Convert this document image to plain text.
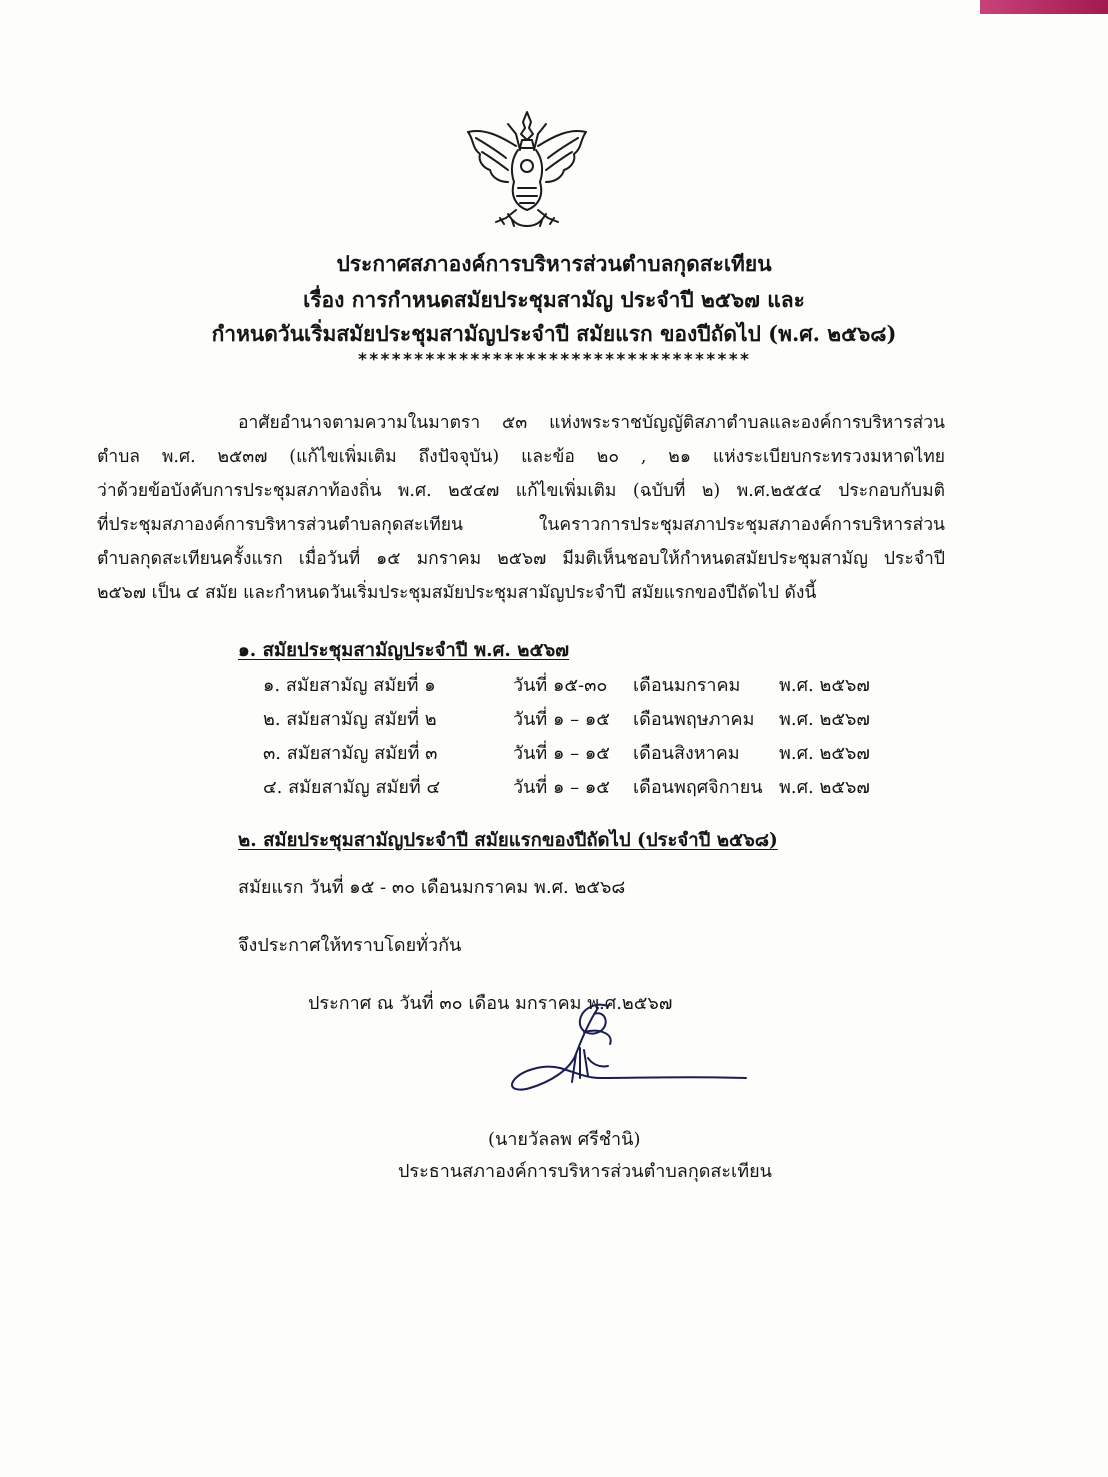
ประกาศสภาองค์การบริหารส่วนตำบลกุดสะเทียน
เรื่อง การกำหนดสมัยประชุมสามัญ ประจำปี ๒๕๖๗ และ
กำหนดวันเริ่มสมัยประชุมสามัญประจำปี สมัยแรก ของปีถัดไป (พ.ศ. ๒๕๖๘)
***********************************
อาศัยอำนาจตามความในมาตรา ๕๓ แห่งพระราชบัญญัติสภาตำบลและองค์การบริหารส่วน
ตำบล พ.ศ. ๒๕๓๗ (แก้ไขเพิ่มเติม ถึงปัจจุบัน) และข้อ ๒๐ , ๒๑ แห่งระเบียบกระทรวงมหาดไทย
ว่าด้วยข้อบังคับการประชุมสภาท้องถิ่น พ.ศ. ๒๕๔๗ แก้ไขเพิ่มเติม (ฉบับที่ ๒) พ.ศ.๒๕๕๔ ประกอบกับมติ
ที่ประชุมสภาองค์การบริหารส่วนตำบลกุดสะเทียน ในคราวการประชุมสภาประชุมสภาองค์การบริหารส่วน
ตำบลกุดสะเทียนครั้งแรก เมื่อวันที่ ๑๕ มกราคม ๒๕๖๗ มีมติเห็นชอบให้กำหนดสมัยประชุมสามัญ ประจำปี
๒๕๖๗ เป็น ๔ สมัย และกำหนดวันเริ่มประชุมสมัยประชุมสามัญประจำปี สมัยแรกของปีถัดไป ดังนี้
๑. สมัยประชุมสามัญประจำปี พ.ศ. ๒๕๖๗
๑. สมัยสามัญ สมัยที่ ๑	วันที่ ๑๕-๓๐ เดือนมกราคม พ.ศ. ๒๕๖๗
๒. สมัยสามัญ สมัยที่ ๒	วันที่ ๑ – ๑๕ เดือนพฤษภาคม พ.ศ. ๒๕๖๗
๓. สมัยสามัญ สมัยที่ ๓	วันที่ ๑ – ๑๕ เดือนสิงหาคม พ.ศ. ๒๕๖๗
๔. สมัยสามัญ สมัยที่ ๔	วันที่ ๑ – ๑๕ เดือนพฤศจิกายน พ.ศ. ๒๕๖๗
๒. สมัยประชุมสามัญประจำปี สมัยแรกของปีถัดไป (ประจำปี ๒๕๖๘)
สมัยแรก วันที่ ๑๕ - ๓๐ เดือนมกราคม พ.ศ. ๒๕๖๘
จึงประกาศให้ทราบโดยทั่วกัน
ประกาศ ณ วันที่ ๓๐ เดือน มกราคม พ.ศ.๒๕๖๗
(นายวัลลพ ศรีชำนิ)
ประธานสภาองค์การบริหารส่วนตำบลกุดสะเทียน
